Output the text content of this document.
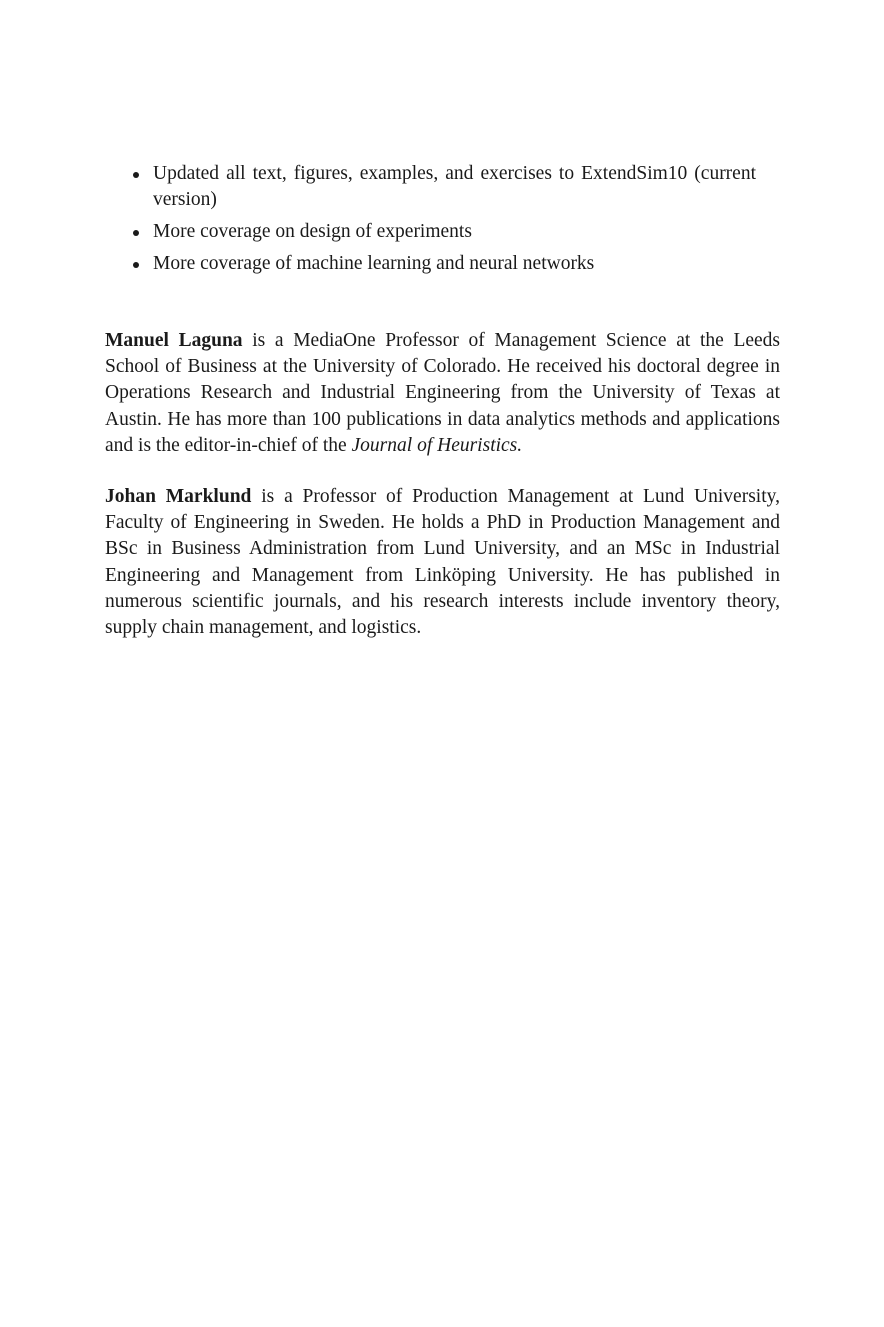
Updated all text, figures, examples, and exercises to ExtendSim10 (current version)
More coverage on design of experiments
More coverage of machine learning and neural networks

Manuel Laguna is a MediaOne Professor of Management Science at the Leeds School of Business at the University of Colorado. He received his doctoral degree in Operations Research and Industrial Engineering from the University of Texas at Austin. He has more than 100 publications in data analytics methods and applications and is the editor-in-chief of the Journal of Heuristics.

Johan Marklund is a Professor of Production Management at Lund University, Faculty of Engineering in Sweden. He holds a PhD in Production Management and BSc in Business Administration from Lund University, and an MSc in Industrial Engineering and Management from Linköping University. He has published in numerous scientific journals, and his research interests include inventory theory, supply chain management, and logistics.
